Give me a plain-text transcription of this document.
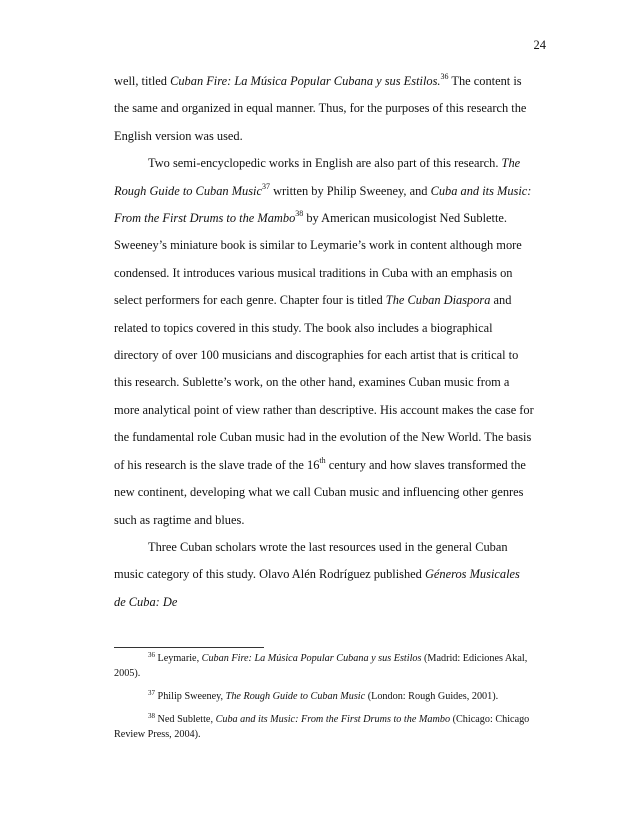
24

well, titled Cuban Fire: La Música Popular Cubana y sus Estilos.$^{36}$ The content is the same and organized in equal manner. Thus, for the purposes of this research the English version was used.

Two semi-encyclopedic works in English are also part of this research. The Rough Guide to Cuban Music$^{37}$ written by Philip Sweeney, and Cuba and its Music: From the First Drums to the Mambo$^{38}$ by American musicologist Ned Sublette. Sweeney’s miniature book is similar to Leymarie’s work in content although more condensed. It introduces various musical traditions in Cuba with an emphasis on select performers for each genre. Chapter four is titled The Cuban Diaspora and related to topics covered in this study. The book also includes a biographical directory of over 100 musicians and discographies for each artist that is critical to this research. Sublette’s work, on the other hand, examines Cuban music from a more analytical point of view rather than descriptive. His account makes the case for the fundamental role Cuban music had in the evolution of the New World. The basis of his research is the slave trade of the 16th century and how slaves transformed the new continent, developing what we call Cuban music and influencing other genres such as ragtime and blues.

Three Cuban scholars wrote the last resources used in the general Cuban music category of this study. Olavo Alén Rodríguez published Géneros Musicales de Cuba: De

$^{36}$ Leymarie, Cuban Fire: La Música Popular Cubana y sus Estilos (Madrid: Ediciones Akal, 2005).

$^{37}$ Philip Sweeney, The Rough Guide to Cuban Music (London: Rough Guides, 2001).

$^{38}$ Ned Sublette, Cuba and its Music: From the First Drums to the Mambo (Chicago: Chicago Review Press, 2004).
